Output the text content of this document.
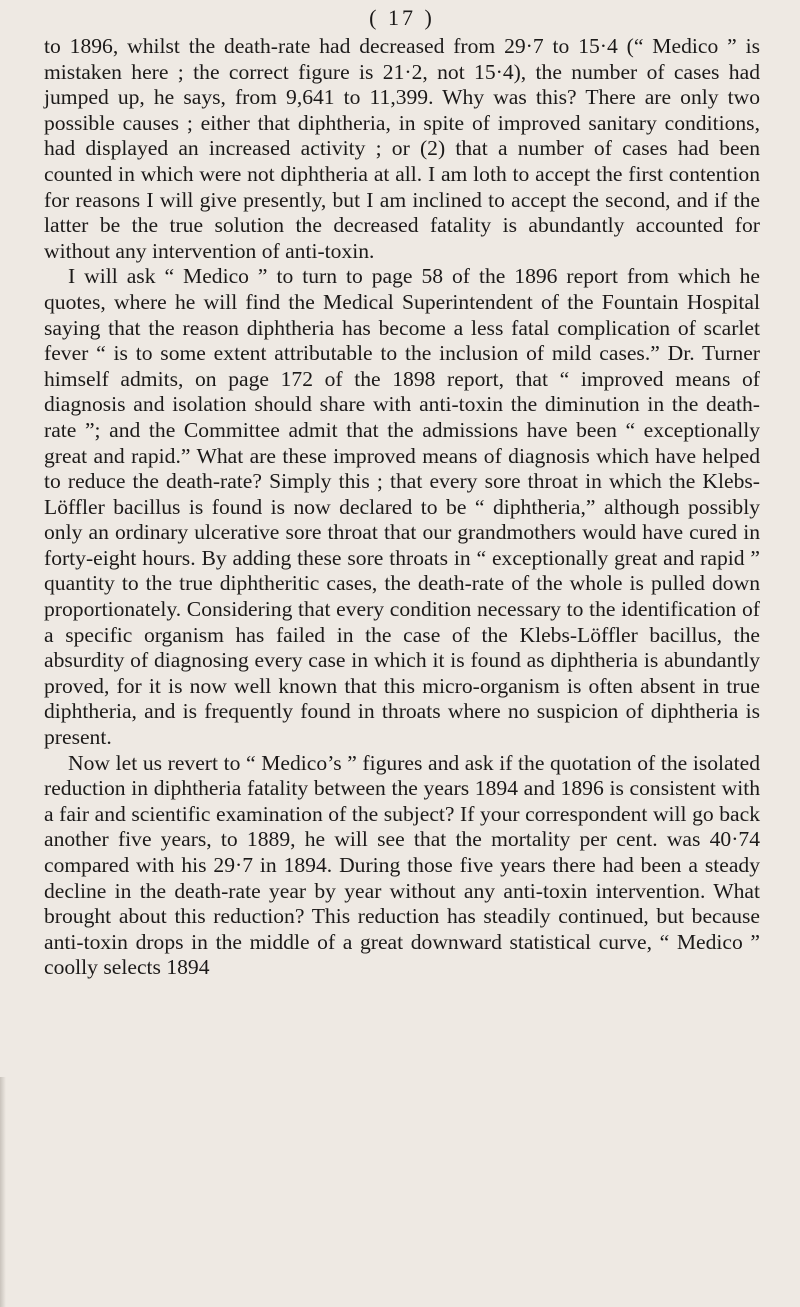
( 17 )

to 1896, whilst the death-rate had decreased from 29·7 to 15·4 (“ Medico ” is mistaken here ; the correct figure is 21·2, not 15·4), the number of cases had jumped up, he says, from 9,641 to 11,399. Why was this? There are only two possible causes ; either that diphtheria, in spite of improved sanitary conditions, had displayed an increased activity ; or (2) that a number of cases had been counted in which were not diphtheria at all. I am loth to accept the first contention for reasons I will give presently, but I am inclined to accept the second, and if the latter be the true solution the decreased fatality is abundantly accounted for without any intervention of anti-toxin.

I will ask “ Medico ” to turn to page 58 of the 1896 report from which he quotes, where he will find the Medical Superintendent of the Fountain Hospital saying that the reason diphtheria has become a less fatal complication of scarlet fever “ is to some extent attributable to the inclusion of mild cases.” Dr. Turner himself admits, on page 172 of the 1898 report, that “ improved means of diagnosis and isolation should share with anti-toxin the diminution in the death-rate ”; and the Committee admit that the admissions have been “ exceptionally great and rapid.” What are these improved means of diagnosis which have helped to reduce the death-rate? Simply this ; that every sore throat in which the Klebs-Löffler bacillus is found is now declared to be “ diphtheria,” although possibly only an ordinary ulcerative sore throat that our grandmothers would have cured in forty-eight hours. By adding these sore throats in “ exceptionally great and rapid ” quantity to the true diphtheritic cases, the death-rate of the whole is pulled down proportionately. Considering that every condition necessary to the identification of a specific organism has failed in the case of the Klebs-Löffler bacillus, the absurdity of diagnosing every case in which it is found as diphtheria is abundantly proved, for it is now well known that this micro-organism is often absent in true diphtheria, and is frequently found in throats where no suspicion of diphtheria is present.

Now let us revert to “ Medico’s ” figures and ask if the quotation of the isolated reduction in diphtheria fatality between the years 1894 and 1896 is consistent with a fair and scientific examination of the subject? If your correspondent will go back another five years, to 1889, he will see that the mortality per cent. was 40·74 compared with his 29·7 in 1894. During those five years there had been a steady decline in the death-rate year by year without any anti-toxin intervention. What brought about this reduction? This reduction has steadily continued, but because anti-toxin drops in the middle of a great downward statistical curve, “ Medico ” coolly selects 1894
